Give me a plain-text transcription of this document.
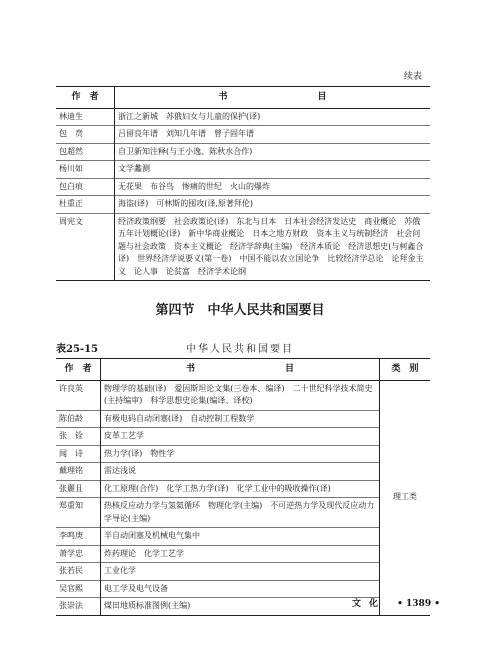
续表
作　者	书　　　　　　　　　　目
林迪生	浙江之新城　苏俄妇女与儿童的保护(译)
包　贲	吕留良年谱　刘知几年谱　曾子固年谱
包超然	自卫新知注释(与王小逸、陈秋水合作)
杨川如	文学蠡测
包白痕	无花果　布谷鸟　惨痛的世纪　火山的爆炸
杜重正	海盗(译)　可林斯的囤攻(译,原著拜伦)
周宪文	经济政策纲要　社会政策论(译)　东北与日本　日本社会经济发达史　商业概论　苏俄五年计划概论(译)　新中华商业概论　日本之地方财政　资本主义与统制经济　社会问题与社会政策　资本主义概论　经济学辞典(主编)　经济本质论　经济思想史(与柯鑫合译)　世界经济学说要义(第一卷)　中国不能以农立国论争　比较经济学总论　论拜金主义　论人事　论贫富　经济学术论纲
第四节　中华人民共和国要目
表25-15	中华人民共和国要目
作　者	书　　　　　　　　　　目	类　别
许良英	物理学的基础(译)　爱因斯坦论文集(三卷本、编译)　二十世纪科学技术简史(主持编审)　科学思想史论集(编译、译校)	理工类
陈伯龄	有极电码自动闭塞(译)　自动控制工程数学	
张　铨	皮革工艺学	
闻　诗	热力学(译)　物性学	
戴理铭	雷达浅说	
张麗且	化工原理(合作)　化学工热力学(译)　化学工业中的吸收操作(译)	
郑重知	热核反应动力学与氢氦循环　物理化学(主编)　不可逆热力学及现代反应动力学导论(主编)	
李鸣庚	半自动闭塞及机械电气集中	
萧学忠	炸药理论　化学工艺学	
张若民	工业化学	
吴官熙	电工学及电气设备	
张崇法	煤田地质标准图例(主编)		文化 • 1389 •
